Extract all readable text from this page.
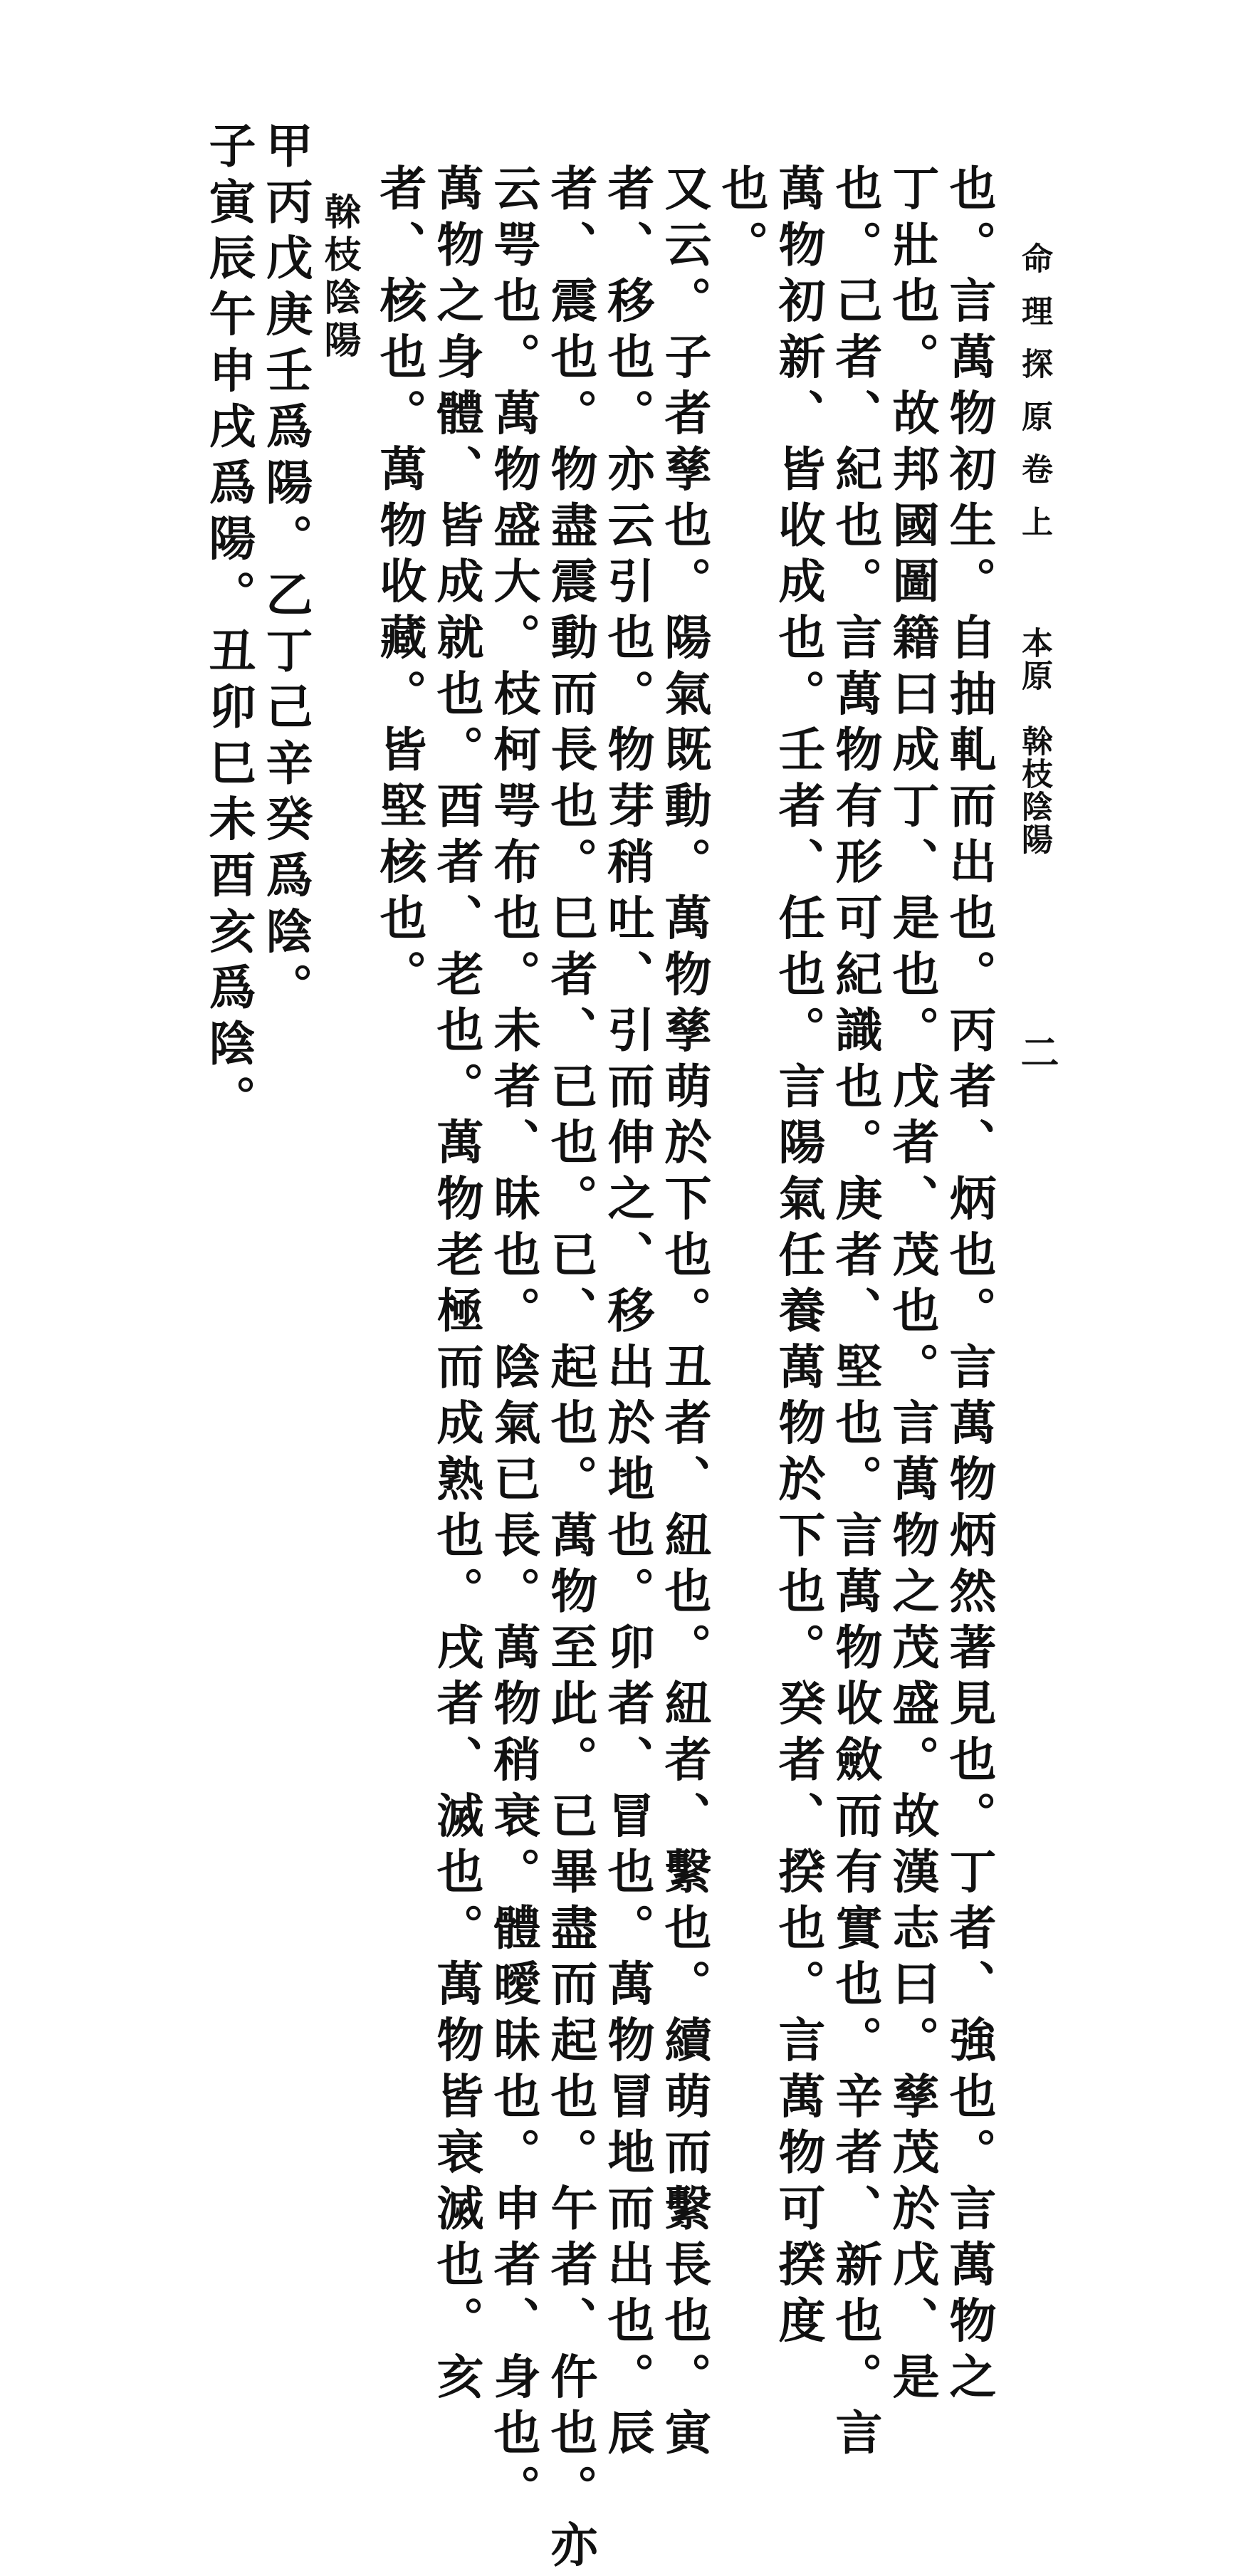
命理探原卷上

本原　榦枝陰陽

二

也。言萬物初生。自抽軋而出也。丙者、炳也。言萬物炳然著見也。丁者、強也。言萬物之

丁壯也。故邦國圖籍曰成丁、是也。戊者、茂也。言萬物之茂盛。故漢志曰。孳茂於戊、是

也。己者、紀也。言萬物有形可紀識也。庚者、堅也。言萬物收斂而有實也。辛者、新也。言

萬物初新、皆收成也。壬者、任也。言陽氣任養萬物於下也。癸者、揆也。言萬物可揆度

也。

又云。子者孳也。陽氣既動。萬物孳萌於下也。丑者、紐也。紐者、繫也。續萌而繫長也。寅

者、移也。亦云引也。物芽稍吐、引而伸之、移出於地也。卯者、冒也。萬物冒地而出也。辰

者、震也。物盡震動而長也。巳者、已也。已、起也。萬物至此。已畢盡而起也。午者、仵也。亦

云咢也。萬物盛大。枝柯咢布也。未者、昧也。陰氣已長。萬物稍衰。體曖昧也。申者、身也。

萬物之身體、皆成就也。酉者、老也。萬物老極而成熟也。戌者、滅也。萬物皆衰滅也。亥

者、核也。萬物收藏。皆堅核也。

榦枝陰陽

甲丙戊庚壬爲陽。乙丁己辛癸爲陰。

子寅辰午申戌爲陽。丑卯巳未酉亥爲陰。
